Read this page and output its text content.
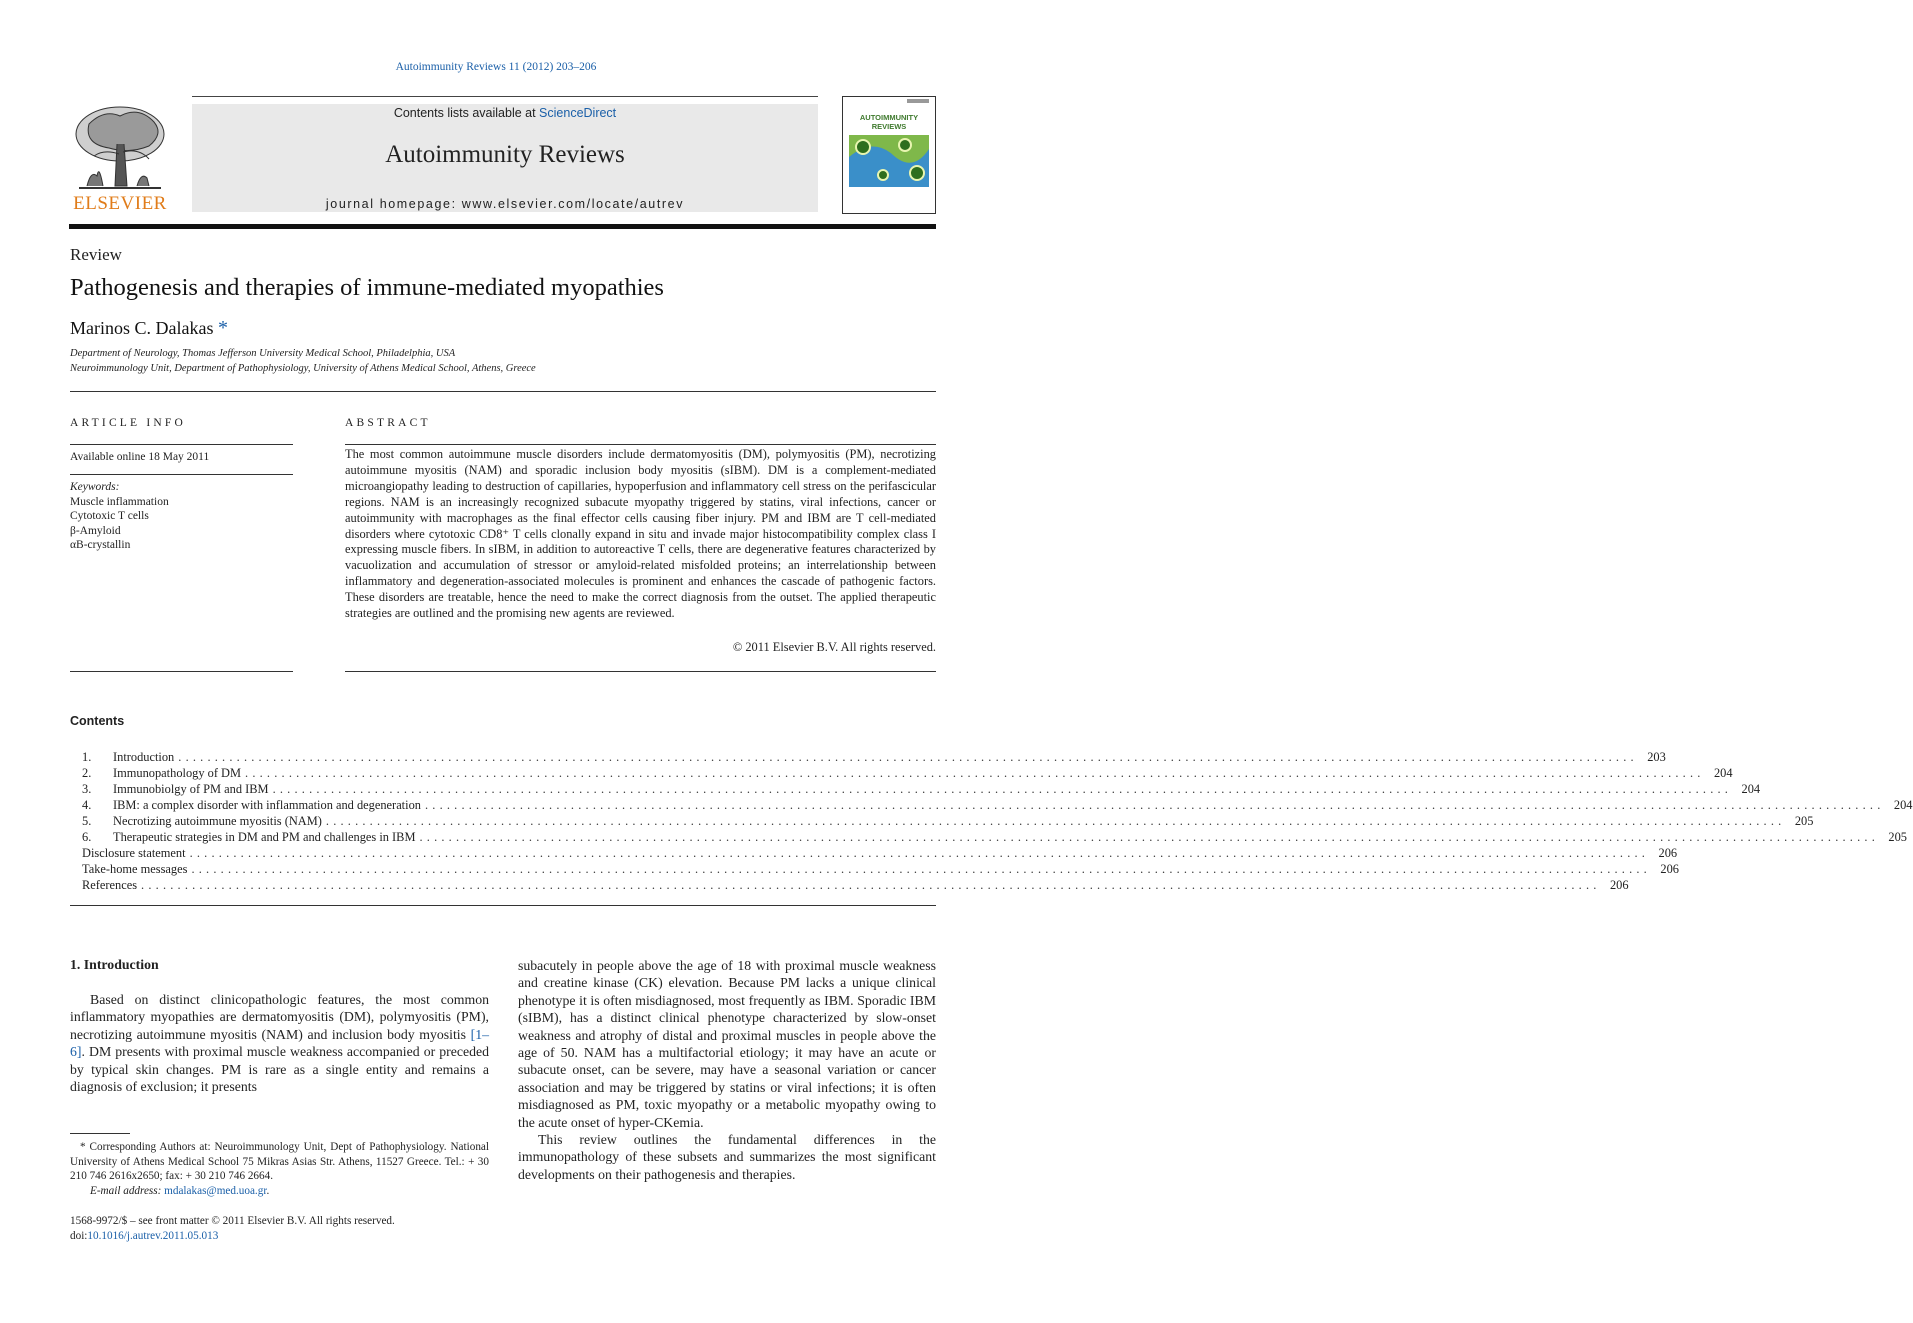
Autoimmunity Reviews 11 (2012) 203–206
ELSEVIER
Contents lists available at ScienceDirect
Autoimmunity Reviews
journal homepage: www.elsevier.com/locate/autrev
AUTOIMMUNITY
REVIEWS
Review
Pathogenesis and therapies of immune-mediated myopathies
Marinos C. Dalakas *
Department of Neurology, Thomas Jefferson University Medical School, Philadelphia, USA
Neuroimmunology Unit, Department of Pathophysiology, University of Athens Medical School, Athens, Greece
ARTICLE INFO
Available online 18 May 2011
Keywords:
Muscle inflammation
Cytotoxic T cells
β-Amyloid
αB-crystallin
ABSTRACT
The most common autoimmune muscle disorders include dermatomyositis (DM), polymyositis (PM), necrotizing autoimmune myositis (NAM) and sporadic inclusion body myositis (sIBM). DM is a complement-mediated microangiopathy leading to destruction of capillaries, hypoperfusion and inflammatory cell stress on the perifascicular regions. NAM is an increasingly recognized subacute myopathy triggered by statins, viral infections, cancer or autoimmunity with macrophages as the final effector cells causing fiber injury. PM and IBM are T cell-mediated disorders where cytotoxic CD8⁺ T cells clonally expand in situ and invade major histocompatibility complex class I expressing muscle fibers. In sIBM, in addition to autoreactive T cells, there are degenerative features characterized by vacuolization and accumulation of stressor or amyloid-related misfolded proteins; an interrelationship between inflammatory and degeneration-associated molecules is prominent and enhances the cascade of pathogenic factors. These disorders are treatable, hence the need to make the correct diagnosis from the outset. The applied therapeutic strategies are outlined and the promising new agents are reviewed.
© 2011 Elsevier B.V. All rights reserved.
Contents
1.	Introduction ........................................................................................................................................................................................................ 203
2.	Immunopathology of DM ........................................................................................................................................................................................................ 204
3.	Immunobiolgy of PM and IBM ........................................................................................................................................................................................................ 204
4.	IBM: a complex disorder with inflammation and degeneration ........................................................................................................................................................................................................ 204
5.	Necrotizing autoimmune myositis (NAM) ........................................................................................................................................................................................................ 205
6.	Therapeutic strategies in DM and PM and challenges in IBM ........................................................................................................................................................................................................ 205
Disclosure statement ........................................................................................................................................................................................................ 206
Take-home messages ........................................................................................................................................................................................................ 206
References ........................................................................................................................................................................................................ 206
1. Introduction

Based on distinct clinicopathologic features, the most common inflammatory myopathies are dermatomyositis (DM), polymyositis (PM), necrotizing autoimmune myositis (NAM) and inclusion body myositis [1–6]. DM presents with proximal muscle weakness accompanied or preceded by typical skin changes. PM is rare as a single entity and remains a diagnosis of exclusion; it presents

subacutely in people above the age of 18 with proximal muscle weakness and creatine kinase (CK) elevation. Because PM lacks a unique clinical phenotype it is often misdiagnosed, most frequently as IBM. Sporadic IBM (sIBM), has a distinct clinical phenotype characterized by slow-onset weakness and atrophy of distal and proximal muscles in people above the age of 50. NAM has a multifactorial etiology; it may have an acute or subacute onset, can be severe, may have a seasonal variation or cancer association and may be triggered by statins or viral infections; it is often misdiagnosed as PM, toxic myopathy or a metabolic myopathy owing to the acute onset of hyper-CKemia.

This review outlines the fundamental differences in the immunopathology of these subsets and summarizes the most significant developments on their pathogenesis and therapies.

* Corresponding Authors at: Neuroimmunology Unit, Dept of Pathophysiology. National University of Athens Medical School 75 Mikras Asias Str. Athens, 11527 Greece. Tel.: + 30 210 746 2616x2650; fax: + 30 210 746 2664.

E-mail address: mdalakas@med.uoa.gr.

1568-9972/$ – see front matter © 2011 Elsevier B.V. All rights reserved.
doi:10.1016/j.autrev.2011.05.013
